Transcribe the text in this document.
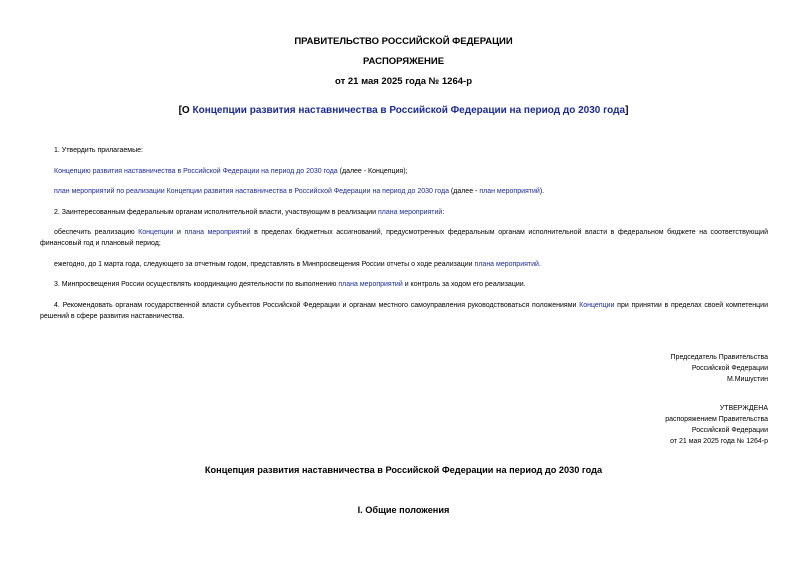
ПРАВИТЕЛЬСТВО РОССИЙСКОЙ ФЕДЕРАЦИИ
РАСПОРЯЖЕНИЕ
от 21 мая 2025 года № 1264-р
[О Концепции развития наставничества в Российской Федерации на период до 2030 года]
1. Утвердить прилагаемые:
Концепцию развития наставничества в Российской Федерации на период до 2030 года (далее - Концепция);
план мероприятий по реализации Концепции развития наставничества в Российской Федерации на период до 2030 года (далее - план мероприятий).
2. Заинтересованным федеральным органам исполнительной власти, участвующим в реализации плана мероприятий:
обеспечить реализацию Концепции и плана мероприятий в пределах бюджетных ассигнований, предусмотренных федеральным органам исполнительной власти в федеральном бюджете на соответствующий финансовый год и плановый период;
ежегодно, до 1 марта года, следующего за отчетным годом, представлять в Минпросвещения России отчеты о ходе реализации плана мероприятий.
3. Минпросвещения России осуществлять координацию деятельности по выполнению плана мероприятий и контроль за ходом его реализации.
4. Рекомендовать органам государственной власти субъектов Российской Федерации и органам местного самоуправления руководствоваться положениями Концепции при принятии в пределах своей компетенции решений в сфере развития наставничества.
Председатель Правительства
Российской Федерации
М.Мишустин
УТВЕРЖДЕНА
распоряжением Правительства
Российской Федерации
от 21 мая 2025 года № 1264-р
Концепция развития наставничества в Российской Федерации на период до 2030 года
I. Общие положения
